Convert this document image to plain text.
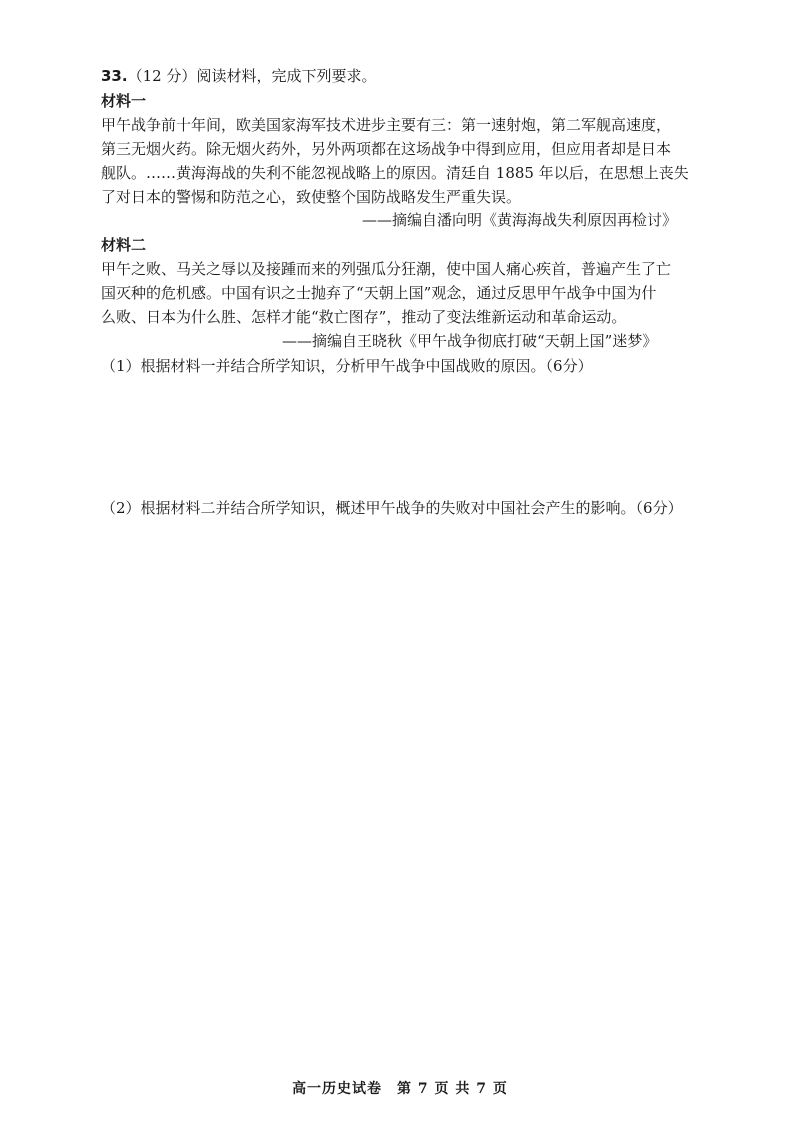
33.（12 分）阅读材料，完成下列要求。
材料一
甲午战争前十年间，欧美国家海军技术进步主要有三：第一速射炮，第二军舰高速度，
第三无烟火药。除无烟火药外，另外两项都在这场战争中得到应用，但应用者却是日本
舰队。……黄海海战的失利不能忽视战略上的原因。清廷自 1885 年以后，在思想上丧失
了对日本的警惕和防范之心，致使整个国防战略发生严重失误。
——摘编自潘向明《黄海海战失利原因再检讨》
材料二
甲午之败、马关之辱以及接踵而来的列强瓜分狂潮，使中国人痛心疾首，普遍产生了亡
国灭种的危机感。中国有识之士抛弃了“天朝上国”观念，通过反思甲午战争中国为什
么败、日本为什么胜、怎样才能“救亡图存”，推动了变法维新运动和革命运动。
——摘编自王晓秋《甲午战争彻底打破“天朝上国”迷梦》
（1）根据材料一并结合所学知识，分析甲午战争中国战败的原因。（6分）
（2）根据材料二并结合所学知识，概述甲午战争的失败对中国社会产生的影响。（6分）
高一历史试卷　第 7 页 共 7 页
